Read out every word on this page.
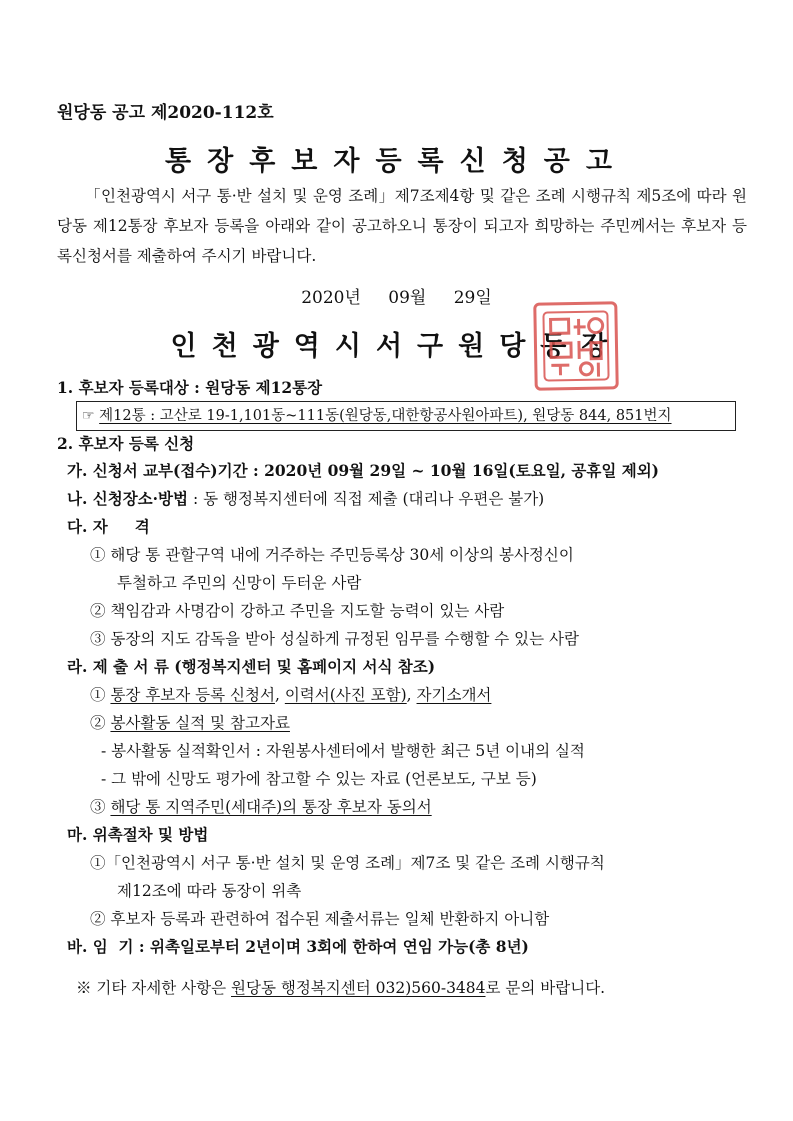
원당동 공고 제2020-112호
통장후보자등록신청공고
「인천광역시 서구 통·반 설치 및 운영 조례」제7조제4항 및 같은 조례 시행규칙 제5조에 따라 원당동 제12통장 후보자 등록을 아래와 같이 공고하오니 통장이 되고자 희망하는 주민께서는 후보자 등록신청서를 제출하여 주시기 바랍니다.
2020년 09월 29일
인천광역시서구원당동장
1. 후보자 등록대상 : 원당동 제12통장
☞ 제12통 : 고산로 19-1,101동~111동(원당동,대한항공사원아파트), 원당동 844, 851번지
2. 후보자 등록 신청
가. 신청서 교부(접수)기간 : 2020년 09월 29일 ~ 10월 16일(토요일, 공휴일 제외)
나. 신청장소·방법 : 동 행정복지센터에 직접 제출 (대리나 우편은 불가)
다. 자     격
① 해당 통 관할구역 내에 거주하는 주민등록상 30세 이상의 봉사정신이
투철하고 주민의 신망이 두터운 사람
② 책임감과 사명감이 강하고 주민을 지도할 능력이 있는 사람
③ 동장의 지도 감독을 받아 성실하게 규정된 임무를 수행할 수 있는 사람
라. 제 출 서 류 (행정복지센터 및 홈페이지 서식 참조)
① 통장 후보자 등록 신청서, 이력서(사진 포함), 자기소개서
② 봉사활동 실적 및 참고자료
- 봉사활동 실적확인서 : 자원봉사센터에서 발행한 최근 5년 이내의 실적
- 그 밖에 신망도 평가에 참고할 수 있는 자료 (언론보도, 구보 등)
③ 해당 통 지역주민(세대주)의 통장 후보자 동의서
마. 위촉절차 및 방법
①「인천광역시 서구 통·반 설치 및 운영 조례」제7조 및 같은 조례 시행규칙
제12조에 따라 동장이 위촉
② 후보자 등록과 관련하여 접수된 제출서류는 일체 반환하지 아니함
바. 임  기 : 위촉일로부터 2년이며 3회에 한하여 연임 가능(총 8년)
※ 기타 자세한 사항은 원당동 행정복지센터 032)560-3484로 문의 바랍니다.
